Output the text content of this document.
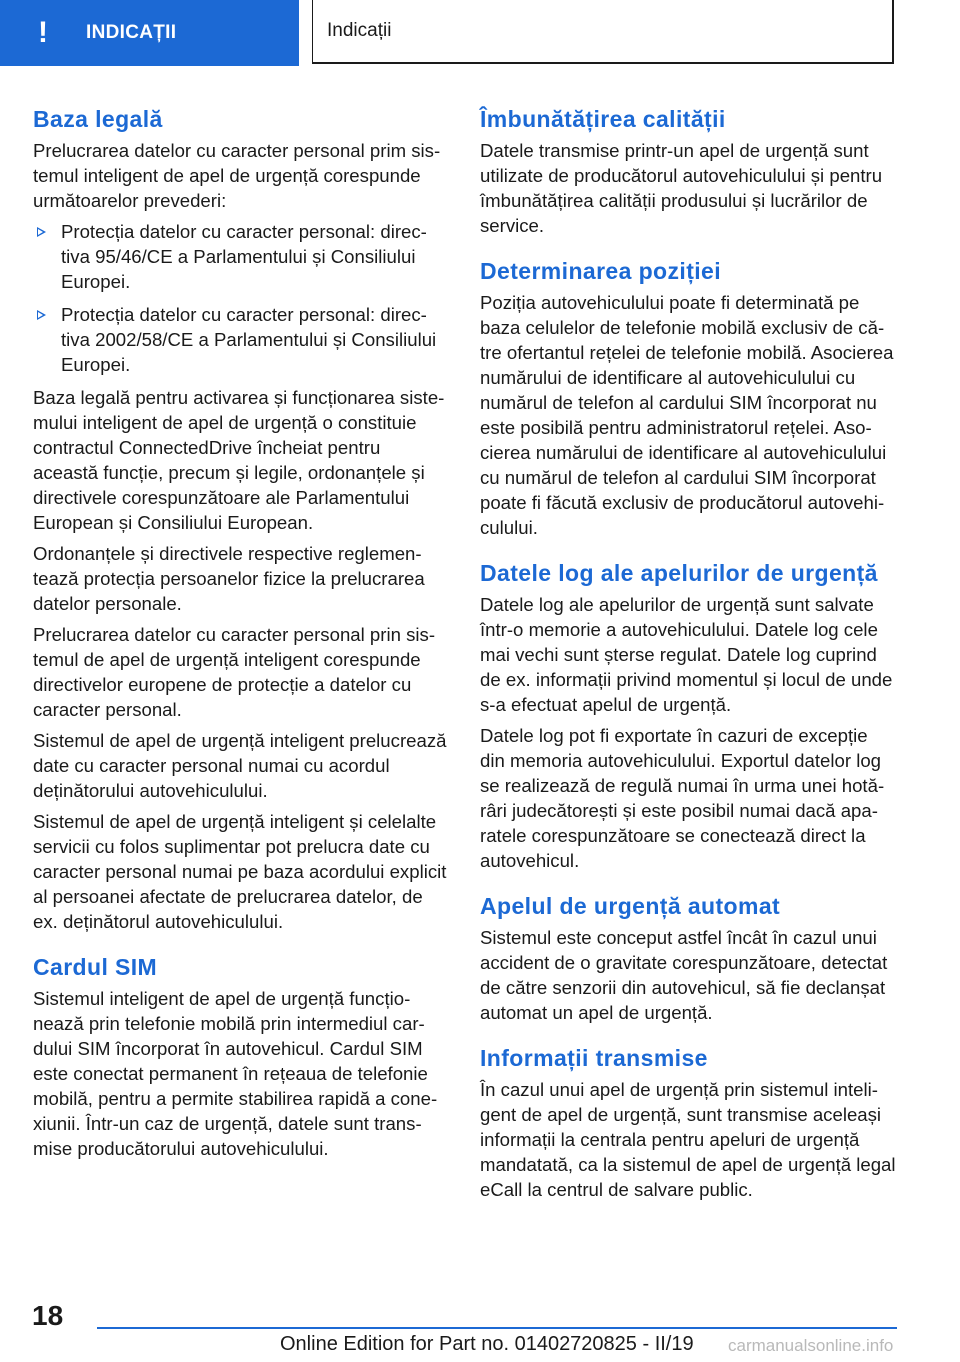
!	INDICAȚII	Indicații
Baza legală

Prelucrarea datelor cu caracter personal prim sistemul inteligent de apel de urgență corespunde următoarelor prevederi:

Protecția datelor cu caracter personal: directiva 95/46/CE a Parlamentului și Consiliului Europei.
Protecția datelor cu caracter personal: directiva 2002/58/CE a Parlamentului și Consiliului Europei.

Baza legală pentru activarea și funcționarea sistemului inteligent de apel de urgență o constituie contractul ConnectedDrive încheiat pentru această funcție, precum și legile, ordonanțele și directivele corespunzătoare ale Parlamentului European și Consiliului European.

Ordonanțele și directivele respective reglementează protecția persoanelor fizice la prelucrarea datelor personale.

Prelucrarea datelor cu caracter personal prin sistemul de apel de urgență inteligent corespunde directivelor europene de protecție a datelor cu caracter personal.

Sistemul de apel de urgență inteligent prelucrează date cu caracter personal numai cu acordul deținătorului autovehiculului.

Sistemul de apel de urgență inteligent și celelalte servicii cu folos suplimentar pot prelucra date cu caracter personal numai pe baza acordului explicit al persoanei afectate de prelucrarea datelor, de ex. deținătorul autovehiculului.

Cardul SIM

Sistemul inteligent de apel de urgență funcționează prin telefonie mobilă prin intermediul cardului SIM încorporat în autovehicul. Cardul SIM este conectat permanent în rețeaua de telefonie mobilă, pentru a permite stabilirea rapidă a conexiunii. Într-un caz de urgență, datele sunt transmise producătorului autovehiculului.

Îmbunătățirea calității

Datele transmise printr-un apel de urgență sunt utilizate de producătorul autovehiculului și pentru îmbunătățirea calității produsului și lucrărilor de service.

Determinarea poziției

Poziția autovehiculului poate fi determinată pe baza celulelor de telefonie mobilă exclusiv de către ofertantul rețelei de telefonie mobilă. Asocierea numărului de identificare al autovehiculului cu numărul de telefon al cardului SIM încorporat nu este posibilă pentru administratorul rețelei. Asocierea numărului de identificare al autovehiculului cu numărul de telefon al cardului SIM încorporat poate fi făcută exclusiv de producătorul autovehiculului.

Datele log ale apelurilor de urgență

Datele log ale apelurilor de urgență sunt salvate într-o memorie a autovehiculului. Datele log cele mai vechi sunt șterse regulat. Datele log cuprind de ex. informații privind momentul și locul de unde s-a efectuat apelul de urgență.

Datele log pot fi exportate în cazuri de excepție din memoria autovehiculului. Exportul datelor log se realizează de regulă numai în urma unei hotărâri judecătorești și este posibil numai dacă aparatele corespunzătoare se conectează direct la autovehicul.

Apelul de urgență automat

Sistemul este conceput astfel încât în cazul unui accident de o gravitate corespunzătoare, detectat de către senzorii din autovehicul, să fie declanșat automat un apel de urgență.

Informații transmise

În cazul unui apel de urgență prin sistemul inteligent de apel de urgență, sunt transmise aceleași informații la centrala pentru apeluri de urgență mandatată, ca la sistemul de apel de urgență legal eCall la centrul de salvare public.

18
Online Edition for Part no. 01402720825 - II/19 carmanualsonline.info
